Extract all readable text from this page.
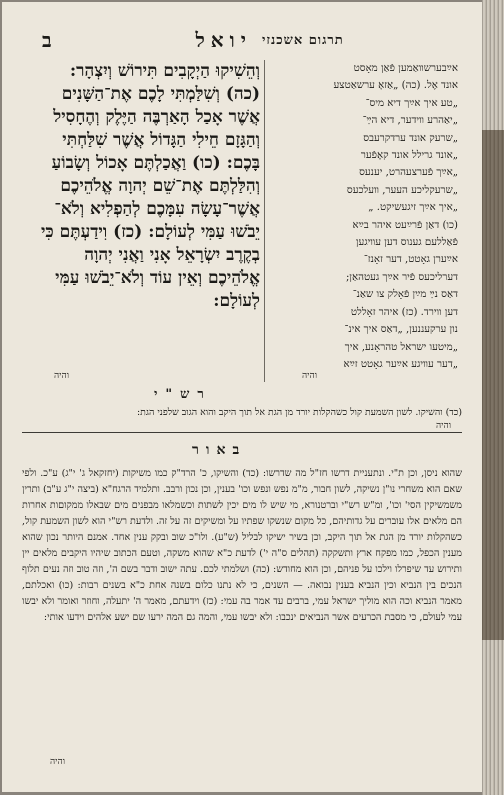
ב	יואל תרגום אשכנזי

וְהֵשִׁיקוּ הַיְקָבִים תִּירוֹשׁ וְיִצְהָר:

(כה) וְשִׁלַּמְתִּי לָכֶם אֶת־הַשָּׁנִים

אֲשֶׁר אָכַל הָאַרְבֶּה הַיֶּלֶק וְהֶחָסִיל

וְהַגָּזָם חֵילִי הַגָּדוֹל אֲשֶׁר שִׁלַּחְתִּי

בָּכֶם: (כו) וַאֲכַלְתֶּם אָכוֹל וְשָׂבוֹעַ

וְהִלַּלְתֶּם אֶת־שֵׁם יְהוָה אֱלֹהֵיכֶם

אֲשֶׁר־עָשָׂה עִמָּכֶם לְהַפְלִיא וְלֹא־

יֵבֹשׁוּ עַמִּי לְעוֹלָם: (כז) וִידַעְתֶּם כִּי

בְקֶרֶב יִשְׂרָאֵל אָנִי וַאֲנִי יְהוָה

אֱלֹהֵיכֶם וְאֵין עוֹד וְלֹא־יֵבֹשׁוּ עַמִּי

לְעוֹלָם:

והיה
אײַבערשװאַמען פֿאַן מאָסט
אונד אֶל. (כה) „אַזאָ ערשאַטצע
„טע איך אײַך דיא מיס־
„יאַהרע װידער, דיא הײַ־
„שרעק אונד ערדקרעבס
„אונד גרילל אונד קאֶפֿער
„אײַך פֿערצעהרט, יענעס
„שרעקליכע העער, װעלכעס
„איך אײַך זיגעשיקט. „
(כו) דאַן פֿרײַעט איהר בײַא
פֿאַללעם גענוס דען עװיגען
אײַערן גאָטט, דער זאָנז־
דערליכעס פֿיר אײַך געטהאַן;
דאַס נײַ מײַן פֿאָלק צו שאַנ־
דען װירד. (כז) איהר זאָללט
נון ערקעננען, „דאַס איך אינ־
„מיטעו ישראל טהראָנע, איך
„דער עװיגע אײַער גאָטט זײַא
והיה
רש"י
(כד) והשיקו. לשון השמעת קול כשהקלות יורד מן הגת אל תוך היקב והוא הגוב שלפני הגת:
והיה
באור
שהוא ניסן, וכן ת"י. ונתעניית דרשו חז"ל מה שדרשו: (כד) והשיקו, כ' הרד"ק כמו משיקות (יחזקאל ג' י"ג) ע"כ. ולפי שאם הוא משחרי נו"ן נשיקה, לשון חבור, מ"מ נפש ונפש וכו' בענין, וכן נכון ורבב. ותלמיד הרגח"א (ביצה י"ג ע"ב) ותרין משמשיקין הסי' וכו', ומ"ש רש"י וברטנורא, מי שיש לו מים יכין לשתות וכשמלאו מבפנים מים שבאלו ממקוםות אחרות הם מלאים אלו עוברים על גדותיהם, כל מקום שנשקו שפתיו על ומשיקים זה על זה. ולדעת רש"י הוא לשון השמעת קול, כשהקלות יורד מן הגת אל תוך היקב, וכן בשיר ישיקו לבליל (ש"ע). ולו"כ שוב ובקק ענין אחד. אמנם היותר נכון שהוא מענין הכפל, כמו מפקח ארץ ותשקקה (תהלים ס"ה י') לדעת כ"א שהוא משקה, וטעם הכתוב שיהיו היקבים מלאים יין ותירוש עד שיפרלו וילכו על פניהם, וכן הוא מחודש: (כה) ושלמתי לכם. עתה ישוב ודבר בשם ה', וזה טוב וזה נעים תלוף הנכים בין הנביא וכין הנביא בענין נבואה. — השנים, כי לא נתנו כלום בשנה אחת כ"א בשנים רבות: (כו) ואכלתם, מאמר הנביא וכה הוא מוליך ישראל עמי, ברבים עד אמר בה עמי: (כז) וידעתם, מאמר ה' יתעלה, וחוזר ואומר ולא יבשו עמי לעולם, כי מסבת הכרעים אשר הנביאים ינכבו: ולא יבשו עמי, והמה גם המה ירעו שם ישע אלהים וידעו אותי:
והיה
